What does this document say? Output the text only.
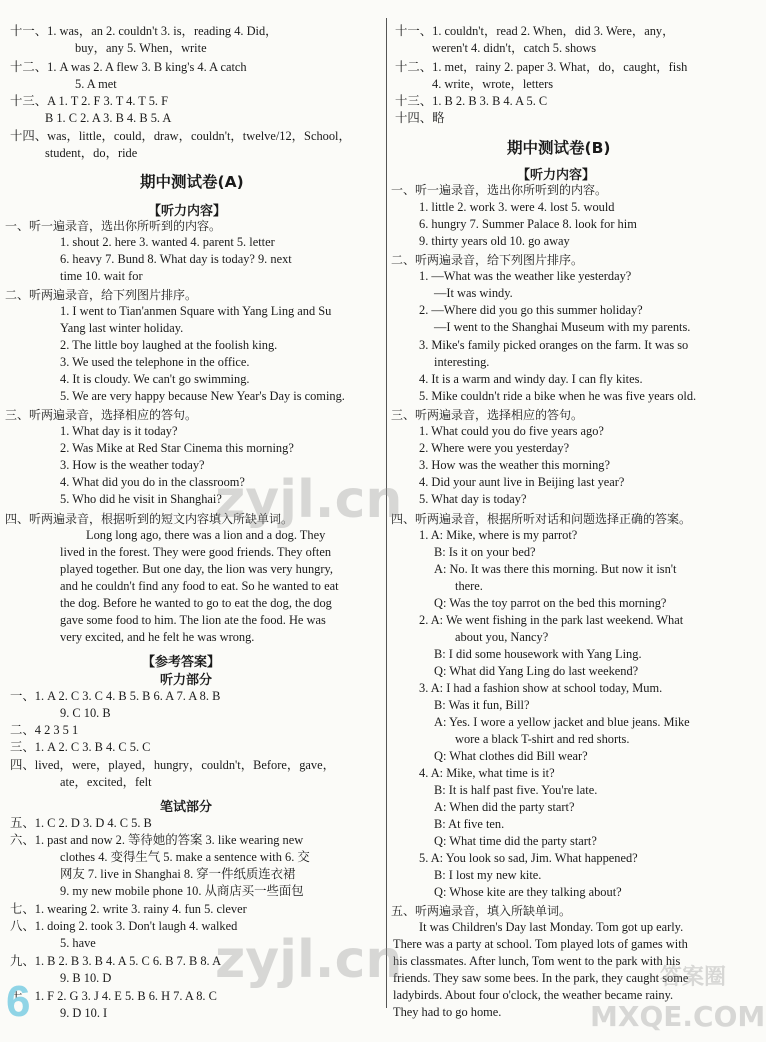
十一、1. was，an 2. couldn't 3. is，reading 4. Did，
buy，any 5. When，write
十二、1. A was 2. A flew 3. B king's 4. A catch
5. A met
十三、A 1. T 2. F 3. T 4. T 5. F
B 1. C 2. A 3. B 4. B 5. A
十四、was，little，could，draw，couldn't，twelve/12，School，
student，do，ride
期中测试卷(A)
【听力内容】
一、听一遍录音，选出你所听到的内容。
1. shout 2. here 3. wanted 4. parent 5. letter
6. heavy 7. Bund 8. What day is today? 9. next
time 10. wait for
二、听两遍录音，给下列图片排序。
1. I went to Tian'anmen Square with Yang Ling and Su
Yang last winter holiday.
2. The little boy laughed at the foolish king.
3. We used the telephone in the office.
4. It is cloudy. We can't go swimming.
5. We are very happy because New Year's Day is coming.
三、听两遍录音，选择相应的答句。
1. What day is it today?
2. Was Mike at Red Star Cinema this morning?
3. How is the weather today?
4. What did you do in the classroom?
5. Who did he visit in Shanghai?
四、听两遍录音，根据听到的短文内容填入所缺单词。
Long long ago, there was a lion and a dog. They
lived in the forest. They were good friends. They often
played together. But one day, the lion was very hungry,
and he couldn't find any food to eat. So he wanted to eat
the dog. Before he wanted to go to eat the dog, the dog
gave some food to him. The lion ate the food. He was
very excited, and he felt he was wrong.
【参考答案】
听力部分
一、1. A 2. C 3. C 4. B 5. B 6. A 7. A 8. B
9. C 10. B
二、4 2 3 5 1
三、1. A 2. C 3. B 4. C 5. C
四、lived，were，played，hungry，couldn't，Before，gave，
ate，excited，felt
笔试部分
五、1. C 2. D 3. D 4. C 5. B
六、1. past and now 2. 等待她的答案 3. like wearing new
clothes 4. 变得生气 5. make a sentence with 6. 交
网友 7. live in Shanghai 8. 穿一件纸质连衣裙
9. my new mobile phone 10. 从商店买一些面包
七、1. wearing 2. write 3. rainy 4. fun 5. clever
八、1. doing 2. took 3. Don't laugh 4. walked
5. have
九、1. B 2. B 3. B 4. A 5. C 6. B 7. B 8. A
9. B 10. D
十、1. F 2. G 3. J 4. E 5. B 6. H 7. A 8. C
9. D 10. I
十一、1. couldn't，read 2. When，did 3. Were，any，
weren't 4. didn't，catch 5. shows
十二、1. met，rainy 2. paper 3. What，do，caught，fish
4. write，wrote，letters
十三、1. B 2. B 3. B 4. A 5. C
十四、略
期中测试卷(B)
【听力内容】
一、听一遍录音，选出你所听到的内容。
1. little 2. work 3. were 4. lost 5. would
6. hungry 7. Summer Palace 8. look for him
9. thirty years old 10. go away
二、听两遍录音，给下列图片排序。
1. —What was the weather like yesterday?
—It was windy.
2. —Where did you go this summer holiday?
—I went to the Shanghai Museum with my parents.
3. Mike's family picked oranges on the farm. It was so
interesting.
4. It is a warm and windy day. I can fly kites.
5. Mike couldn't ride a bike when he was five years old.
三、听两遍录音，选择相应的答句。
1. What could you do five years ago?
2. Where were you yesterday?
3. How was the weather this morning?
4. Did your aunt live in Beijing last year?
5. What day is today?
四、听两遍录音，根据所听对话和问题选择正确的答案。
1. A: Mike, where is my parrot?
B: Is it on your bed?
A: No. It was there this morning. But now it isn't
there.
Q: Was the toy parrot on the bed this morning?
2. A: We went fishing in the park last weekend. What
about you, Nancy?
B: I did some housework with Yang Ling.
Q: What did Yang Ling do last weekend?
3. A: I had a fashion show at school today, Mum.
B: Was it fun, Bill?
A: Yes. I wore a yellow jacket and blue jeans. Mike
wore a black T-shirt and red shorts.
Q: What clothes did Bill wear?
4. A: Mike, what time is it?
B: It is half past five. You're late.
A: When did the party start?
B: At five ten.
Q: What time did the party start?
5. A: You look so sad, Jim. What happened?
B: I lost my new kite.
Q: Whose kite are they talking about?
五、听两遍录音，填入所缺单词。
It was Children's Day last Monday. Tom got up early.
There was a party at school. Tom played lots of games with
his classmates. After lunch, Tom went to the park with his
friends. They saw some bees. In the park, they caught some
ladybirds. About four o'clock, the weather became rainy.
They had to go home.
zyjl.cn
zyjl.cn	答案圈
MXQE.COM
6
